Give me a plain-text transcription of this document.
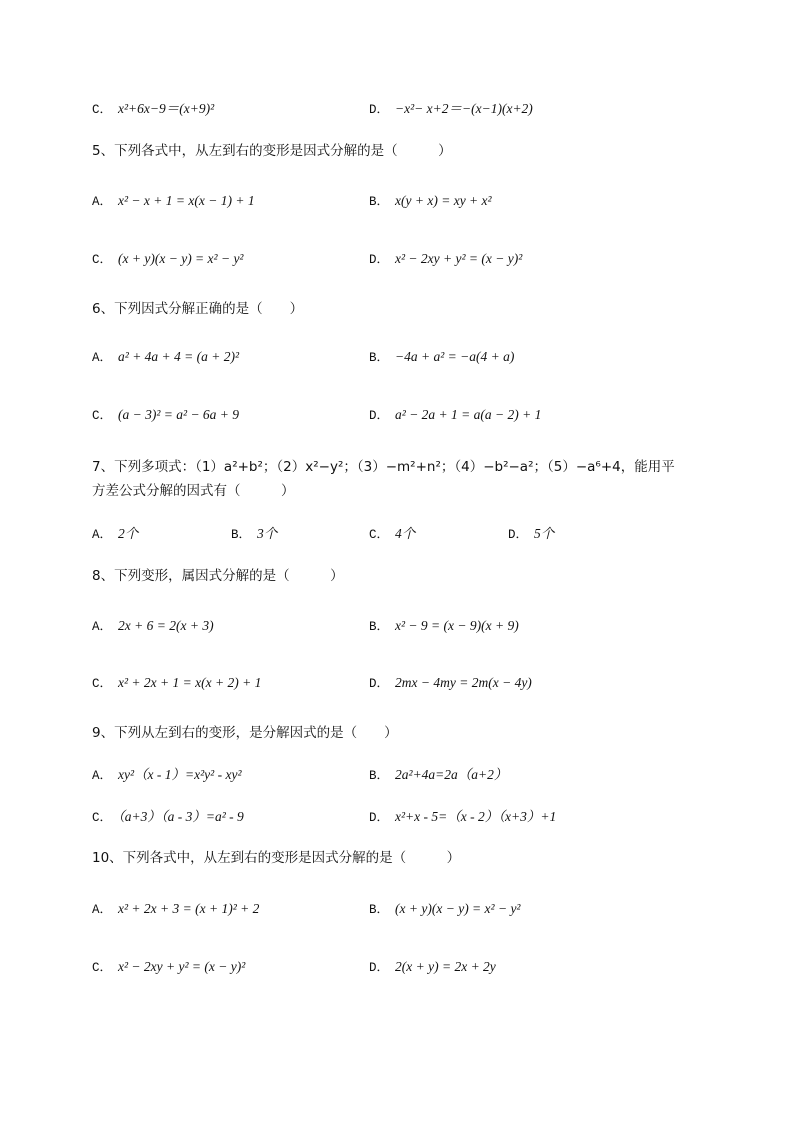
C． x²+6x−9＝(x+9)²	D． −x²− x+2＝−(x−1)(x+2)
5、下列各式中，从左到右的变形是因式分解的是（　　　）
A． x² − x + 1 = x(x − 1) + 1	B． x(y + x) = xy + x²
C． (x + y)(x − y) = x² − y²	D． x² − 2xy + y² = (x − y)²
6、下列因式分解正确的是（　　）
A． a² + 4a + 4 = (a + 2)²	B． −4a + a² = −a(4 + a)
C． (a − 3)² = a² − 6a + 9	D． a² − 2a + 1 = a(a − 2) + 1
7、下列多项式：（1）a²+b²；（2）x²−y²；（3）−m²+n²；（4）−b²−a²；（5）−a⁶+4，能用平
方差公式分解的因式有（　　　）
A． 2个	B． 3个	C． 4个	D． 5个
8、下列变形，属因式分解的是（　　　）
A． 2x + 6 = 2(x + 3)	B． x² − 9 = (x − 9)(x + 9)
C． x² + 2x + 1 = x(x + 2) + 1	D． 2mx − 4my = 2m(x − 4y)
9、下列从左到右的变形，是分解因式的是（　　）
A． xy²（x - 1）=x²y² - xy²	B． 2a²+4a=2a（a+2）
C． （a+3）（a - 3）=a² - 9	D． x²+x - 5=（x - 2）（x+3）+1
10、下列各式中，从左到右的变形是因式分解的是（　　　）
A． x² + 2x + 3 = (x + 1)² + 2	B． (x + y)(x − y) = x² − y²
C． x² − 2xy + y² = (x − y)²	D． 2(x + y) = 2x + 2y
